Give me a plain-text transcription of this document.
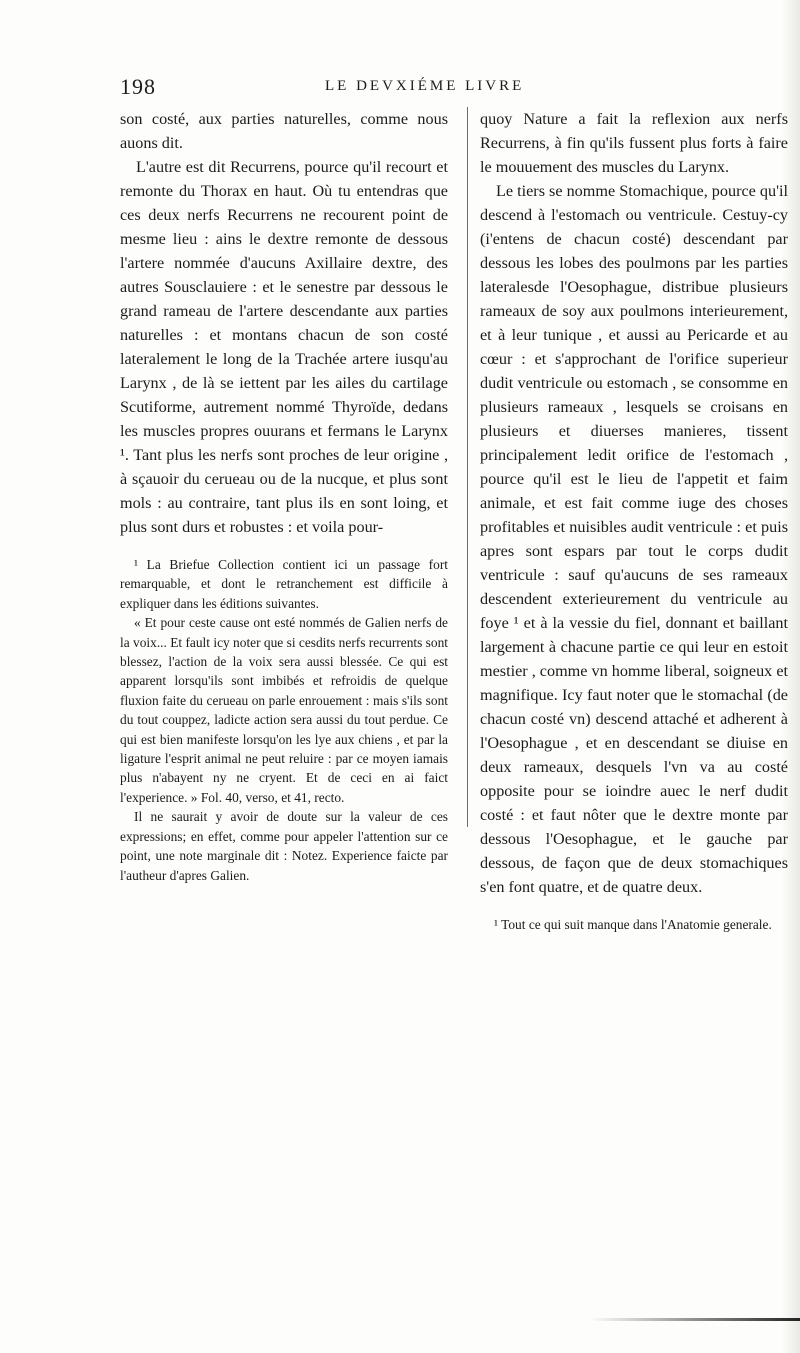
198	LE DEVXIÉME LIVRE

son costé, aux parties naturelles, comme nous auons dit.

L'autre est dit Recurrens, pource qu'il recourt et remonte du Thorax en haut. Où tu entendras que ces deux nerfs Recurrens ne recourent point de mesme lieu : ains le dextre remonte de dessous l'artere nommée d'aucuns Axillaire dextre, des autres Sousclauiere : et le senestre par dessous le grand rameau de l'artere descendante aux parties naturelles : et montans chacun de son costé lateralement le long de la Trachée artere iusqu'au Larynx , de là se iettent par les ailes du cartilage Scutiforme, autrement nommé Thyroïde, dedans les muscles propres ouurans et fermans le Larynx ¹. Tant plus les nerfs sont proches de leur origine , à sçauoir du cerueau ou de la nucque, et plus sont mols : au contraire, tant plus ils en sont loing, et plus sont durs et robustes : et voila pour-

¹ La Briefue Collection contient ici un passage fort remarquable, et dont le retranchement est difficile à expliquer dans les éditions suivantes.

« Et pour ceste cause ont esté nommés de Galien nerfs de la voix... Et fault icy noter que si cesdits nerfs recurrents sont blessez, l'action de la voix sera aussi blessée. Ce qui est apparent lorsqu'ils sont imbibés et refroidis de quelque fluxion faite du cerueau on parle enrouement : mais s'ils sont du tout couppez, ladicte action sera aussi du tout perdue. Ce qui est bien manifeste lorsqu'on les lye aux chiens , et par la ligature l'esprit animal ne peut reluire : par ce moyen iamais plus n'abayent ny ne cryent. Et de ceci en ai faict l'experience. » Fol. 40, verso, et 41, recto.

Il ne saurait y avoir de doute sur la valeur de ces expressions; en effet, comme pour appeler l'attention sur ce point, une note marginale dit : Notez. Experience faicte par l'autheur d'apres Galien.

quoy Nature a fait la reflexion aux nerfs Recurrens, à fin qu'ils fussent plus forts à faire le mouuement des muscles du Larynx.

Le tiers se nomme Stomachique, pource qu'il descend à l'estomach ou ventricule. Cestuy-cy (i'entens de chacun costé) descendant par dessous les lobes des poulmons par les parties lateralesde l'Oesophague, distribue plusieurs rameaux de soy aux poulmons interieurement, et à leur tunique , et aussi au Pericarde et au cœur : et s'approchant de l'orifice superieur dudit ventricule ou estomach , se consomme en plusieurs rameaux , lesquels se croisans en plusieurs et diuerses manieres, tissent principalement ledit orifice de l'estomach , pource qu'il est le lieu de l'appetit et faim animale, et est fait comme iuge des choses profitables et nuisibles audit ventricule : et puis apres sont espars par tout le corps dudit ventricule : sauf qu'aucuns de ses rameaux descendent exterieurement du ventricule au foye ¹ et à la vessie du fiel, donnant et baillant largement à chacune partie ce qui leur en estoit mestier , comme vn homme liberal, soigneux et magnifique. Icy faut noter que le stomachal (de chacun costé vn) descend attaché et adherent à l'Oesophague , et en descendant se diuise en deux rameaux, desquels l'vn va au costé opposite pour se ioindre auec le nerf dudit costé : et faut nôter que le dextre monte par dessous l'Oesophague, et le gauche par dessous, de façon que de deux stomachiques s'en font quatre, et de quatre deux.

¹ Tout ce qui suit manque dans l'Anatomie generale.
